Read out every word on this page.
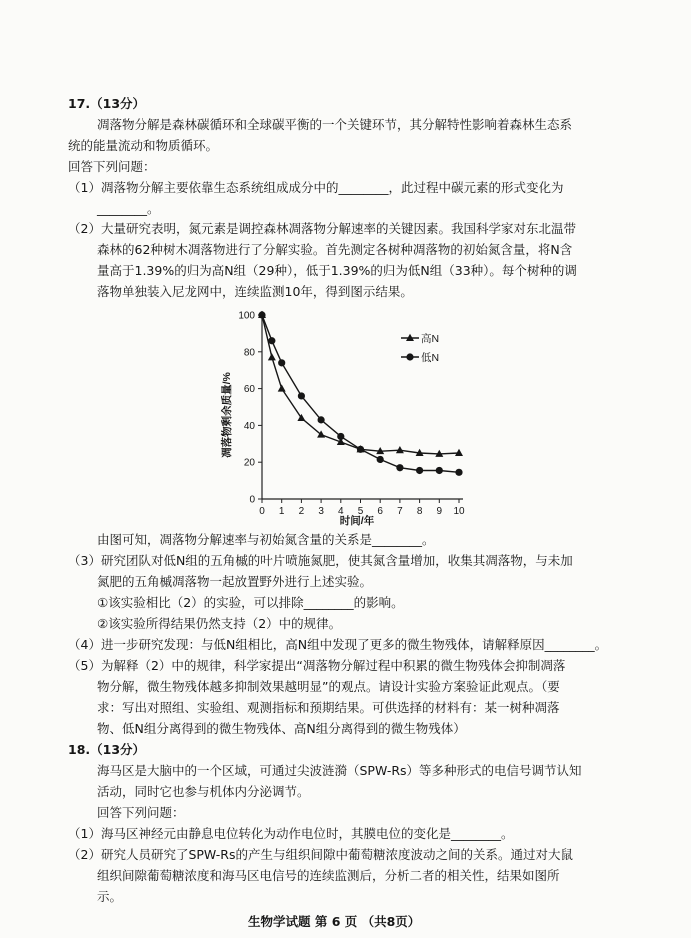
17.（13分）
凋落物分解是森林碳循环和全球碳平衡的一个关键环节，其分解特性影响着森林生态系
统的能量流动和物质循环。
回答下列问题：
（1）凋落物分解主要依靠生态系统组成成分中的________，此过程中碳元素的形式变化为
________。
（2）大量研究表明，氮元素是调控森林凋落物分解速率的关键因素。我国科学家对东北温带
森林的62种树木凋落物进行了分解实验。首先测定各树种凋落物的初始氮含量，将N含
量高于1.39%的归为高N组（29种），低于1.39%的归为低N组（33种）。每个树种的调
落物单独装入尼龙网中，连续监测10年，得到图示结果。
0
20
40
60
80
100
0 1 2 3 4 5 6 7 8 9 10
高N
低N
凋落物剩余质量/%
时间/年
由图可知，凋落物分解速率与初始氮含量的关系是________。
（3）研究团队对低N组的五角槭的叶片喷施氮肥，使其氮含量增加，收集其凋落物，与未加
氮肥的五角槭凋落物一起放置野外进行上述实验。
①该实验相比（2）的实验，可以排除________的影响。
②该实验所得结果仍然支持（2）中的规律。
（4）进一步研究发现：与低N组相比，高N组中发现了更多的微生物残体，请解释原因________。
（5）为解释（2）中的规律，科学家提出“凋落物分解过程中积累的微生物残体会抑制凋落
物分解，微生物残体越多抑制效果越明显”的观点。请设计实验方案验证此观点。（要
求：写出对照组、实验组、观测指标和预期结果。可供选择的材料有：某一树种凋落
物、低N组分离得到的微生物残体、高N组分离得到的微生物残体）
18.（13分）
海马区是大脑中的一个区域，可通过尖波涟漪（SPW-Rs）等多种形式的电信号调节认知
活动，同时它也参与机体内分泌调节。
回答下列问题：
（1）海马区神经元由静息电位转化为动作电位时，其膜电位的变化是________。
（2）研究人员研究了SPW-Rs的产生与组织间隙中葡萄糖浓度波动之间的关系。通过对大鼠
组织间隙葡萄糖浓度和海马区电信号的连续监测后，分析二者的相关性，结果如图所
示。
生物学试题 第 6 页 （共8页）
